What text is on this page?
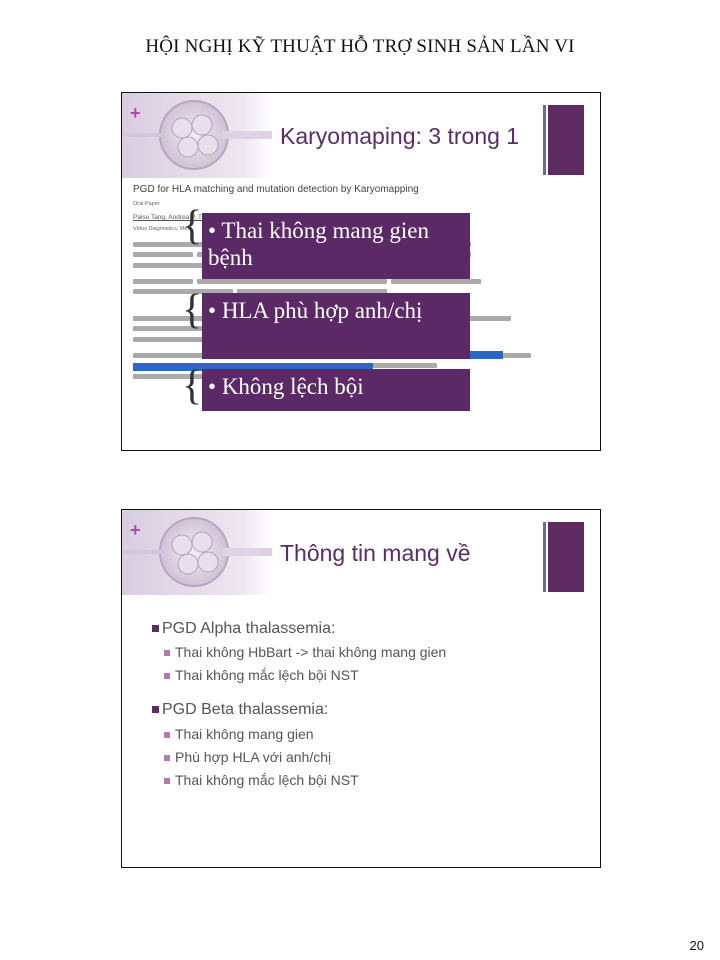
HỘI NGHỊ KỸ THUẬT HỖ TRỢ SINH SẢN LẦN VI
+
Karyomaping: 3 trong 1
PGD for HLA matching and mutation detection by Karyomapping
Oral Paper
Paisu Tang, Andrea P. T
Virtus Diagnostics, Melb

{
{
{
• Thai không mang gien bệnh
• HLA phù hợp anh/chị
• Không lệch bội
+
Thông tin mang về
PGD Alpha thalassemia:
Thai không HbBart -> thai không mang gien
Thai không mắc lệch bội NST
PGD Beta thalassemia:
Thai không mang gien
Phù hợp HLA với anh/chị
Thai không mắc lệch bội NST
20
